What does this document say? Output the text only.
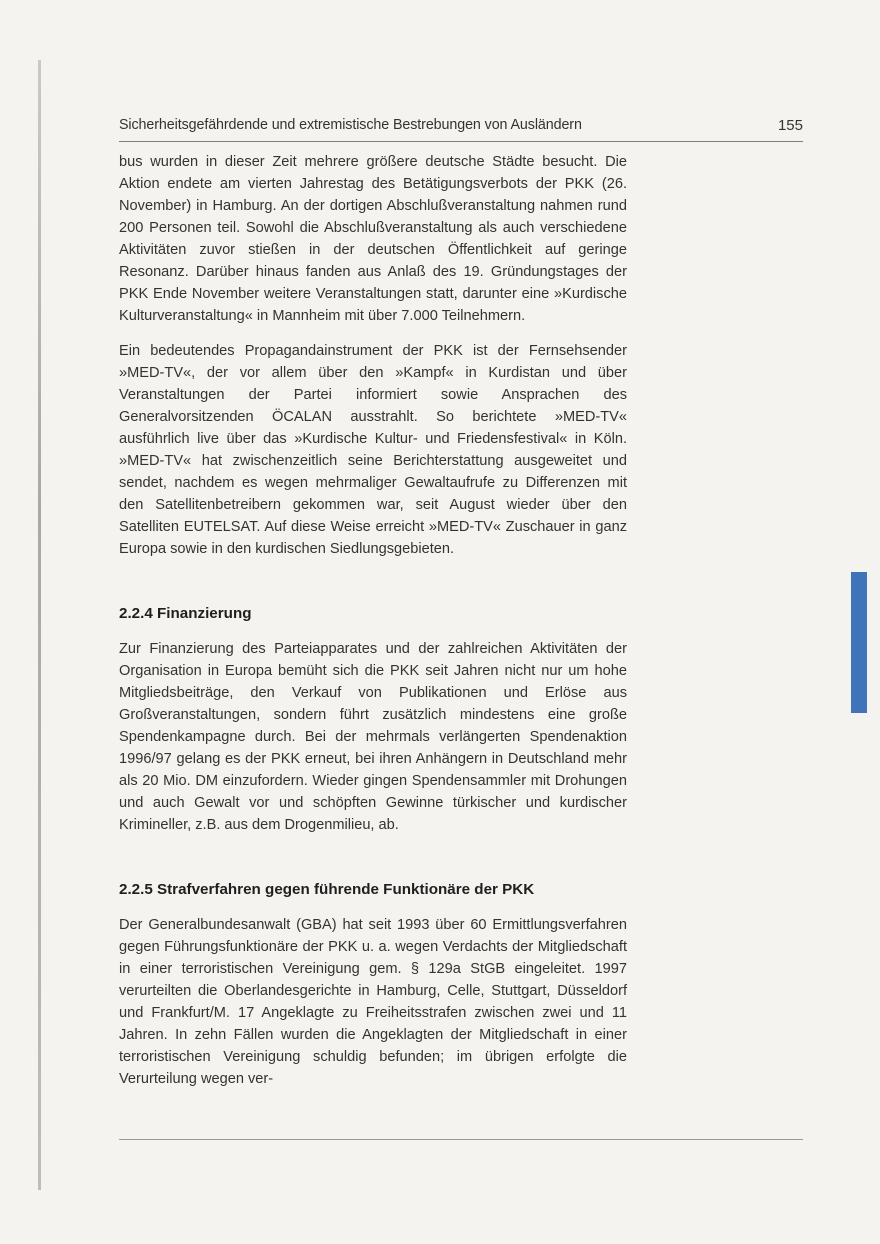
Sicherheitsgefährdende und extremistische Bestrebungen von Ausländern	155

bus wurden in dieser Zeit mehrere größere deutsche Städte besucht. Die Aktion endete am vierten Jahrestag des Betätigungsverbots der PKK (26. November) in Hamburg. An der dortigen Abschlußveranstaltung nahmen rund 200 Personen teil. Sowohl die Abschlußveranstaltung als auch verschiedene Aktivitäten zuvor stießen in der deutschen Öffentlichkeit auf geringe Resonanz. Darüber hinaus fanden aus Anlaß des 19. Gründungstages der PKK Ende November weitere Veranstaltungen statt, darunter eine »Kurdische Kulturveranstaltung« in Mannheim mit über 7.000 Teilnehmern.

Ein bedeutendes Propagandainstrument der PKK ist der Fernsehsender »MED-TV«, der vor allem über den »Kampf« in Kurdistan und über Veranstaltungen der Partei informiert sowie Ansprachen des Generalvorsitzenden ÖCALAN ausstrahlt. So berichtete »MED-TV« ausführlich live über das »Kurdische Kultur- und Friedensfestival« in Köln. »MED-TV« hat zwischenzeitlich seine Berichterstattung ausgeweitet und sendet, nachdem es wegen mehrmaliger Gewaltaufrufe zu Differenzen mit den Satellitenbetreibern gekommen war, seit August wieder über den Satelliten EUTELSAT. Auf diese Weise erreicht »MED-TV« Zuschauer in ganz Europa sowie in den kurdischen Siedlungsgebieten.

2.2.4 Finanzierung

Zur Finanzierung des Parteiapparates und der zahlreichen Aktivitäten der Organisation in Europa bemüht sich die PKK seit Jahren nicht nur um hohe Mitgliedsbeiträge, den Verkauf von Publikationen und Erlöse aus Großveranstaltungen, sondern führt zusätzlich mindestens eine große Spendenkampagne durch. Bei der mehrmals verlängerten Spendenaktion 1996/97 gelang es der PKK erneut, bei ihren Anhängern in Deutschland mehr als 20 Mio. DM einzufordern. Wieder gingen Spendensammler mit Drohungen und auch Gewalt vor und schöpften Gewinne türkischer und kurdischer Krimineller, z.B. aus dem Drogenmilieu, ab.

2.2.5 Strafverfahren gegen führende Funktionäre der PKK

Der Generalbundesanwalt (GBA) hat seit 1993 über 60 Ermittlungsverfahren gegen Führungsfunktionäre der PKK u. a. wegen Verdachts der Mitgliedschaft in einer terroristischen Vereinigung gem. § 129a StGB eingeleitet. 1997 verurteilten die Oberlandesgerichte in Hamburg, Celle, Stuttgart, Düsseldorf und Frankfurt/M. 17 Angeklagte zu Freiheitsstrafen zwischen zwei und 11 Jahren. In zehn Fällen wurden die Angeklagten der Mitgliedschaft in einer terroristischen Vereinigung schuldig befunden; im übrigen erfolgte die Verurteilung wegen ver-
